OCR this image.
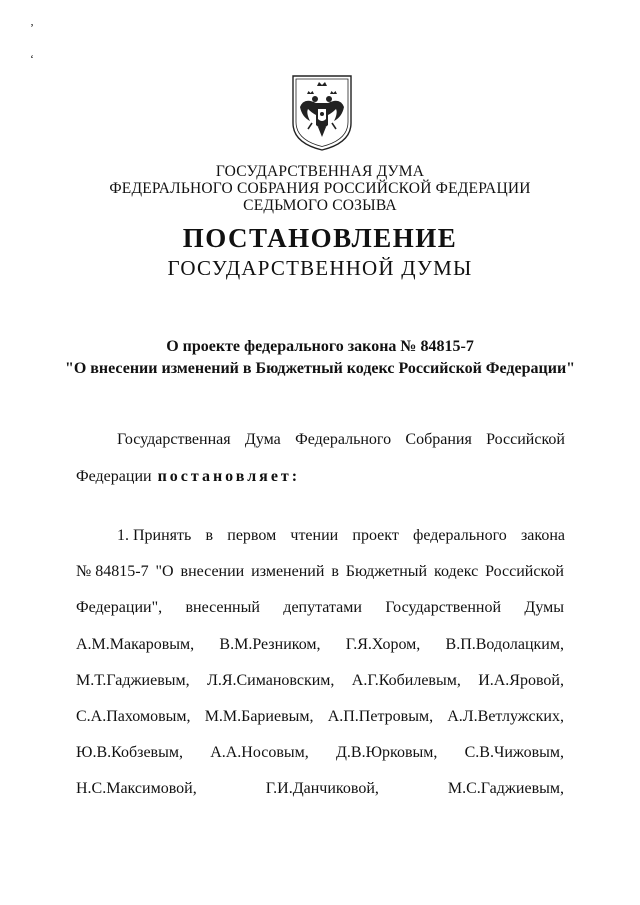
‚
‘
ГОСУДАРСТВЕННАЯ ДУМА
ФЕДЕРАЛЬНОГО СОБРАНИЯ РОССИЙСКОЙ ФЕДЕРАЦИИ
СЕДЬМОГО СОЗЫВА
ПОСТАНОВЛЕНИЕ
ГОСУДАРСТВЕННОЙ ДУМЫ
О проекте федерального закона № 84815-7
"О внесении изменений в Бюджетный кодекс Российской Федерации"
Государственная Дума Федерального Собрания Российской
Федерации постановляет:
1. Принять в первом чтении проект федерального закона
№ 84815-7 "О внесении изменений в Бюджетный кодекс Российской
Федерации", внесенный депутатами Государственной Думы
А.М.Макаровым, В.М.Резником, Г.Я.Хором, В.П.Водолацким,
М.Т.Гаджиевым, Л.Я.Симановским, А.Г.Кобилевым, И.А.Яровой,
С.А.Пахомовым, М.М.Бариевым, А.П.Петровым, А.Л.Ветлужских,
Ю.В.Кобзевым, А.А.Носовым, Д.В.Юрковым, С.В.Чижовым,
Н.С.Максимовой,	Г.И.Данчиковой,	М.С.Гаджиевым,
